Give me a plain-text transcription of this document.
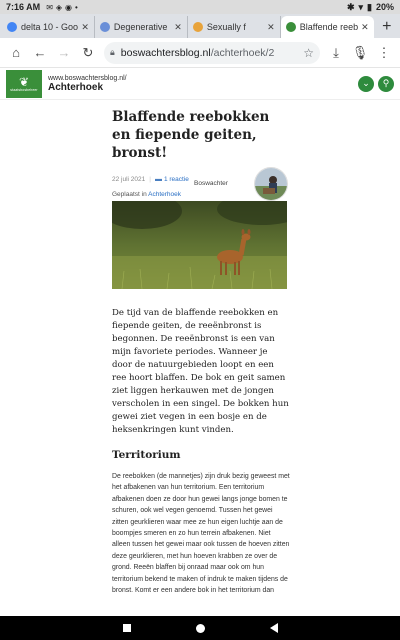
7:16 AM ✉ ◈ ◉ •	✱ ▾ ▮ 20%
delta 10 - Goo ✕	Degenerative ✕	Sexually f	✕	Blaffende reeb ✕ +
⌂	← → ↻	🔒︎ boswachtersblog.nl/achterhoek/2	☆	⤓ 🎙︎ ⋮
❦
staatsbosbeheer
www.boswachtersblog.nl/
Achterhoek	⌄	⚲
Blaffende reebokken en fiepende geiten, bronst!
22 juli 2021 | ▬ 1 reactie
Boswachter
Geplaatst in Achterhoek

De tijd van de blaffende reebokken en fiepende geiten, de reeënbronst is begonnen. De reeënbronst is een van mijn favoriete periodes. Wanneer je door de natuurgebieden loopt en een ree hoort blaffen. De bok en geit samen ziet liggen herkauwen met de jongen verscholen in een singel. De bokken hun gewei ziet vegen in een bosje en de heksenkringen kunt vinden.

Territorium

De reebokken (de mannetjes) zijn druk bezig geweest met het afbakenen van hun territorium. Een territorium afbakenen doen ze door hun gewei langs jonge bomen te schuren, ook wel vegen genoemd. Tussen het gewei zitten geurklieren waar mee ze hun eigen luchtje aan de boompjes smeren en zo hun terrein afbakenen. Niet alleen tussen het gewei maar ook tussen de hoeven zitten deze geurklieren, met hun hoeven krabben ze over de grond. Reeën blaffen bij onraad maar ook om hun territorium bekend te maken of indruk te maken tijdens de bronst. Komt er een andere bok in het territorium dan
